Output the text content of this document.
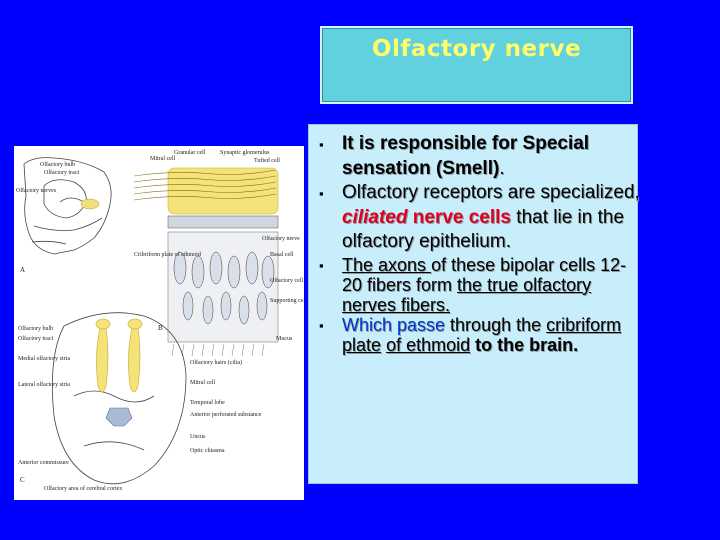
Olfactory nerve
▪ It is responsible for Special sensation (Smell).
▪ Olfactory receptors are specialized, ciliated nerve cells that lie in the olfactory epithelium.
▪ The axons of these bipolar cells 12-20 fibers form the true olfactory nerves fibers.
▪ Which passe through the cribriform plate of ethmoid to the brain.
Olfactory bulb
Olfactory tract
Olfactory nerves
A
Granular cell Synaptic glomerulus
Tufted cell
Mitral cell
Olfactory nerve
Cribriform plate of ethmoid	Basal cell
Olfactory cell
Supporting cell
Olfactory hairs (cilia)
Mucus
B
Olfactory bulb
Olfactory tract
Medial olfactory stria
Lateral olfactory stria	Mitral cell
Temporal lobe
Anterior perforated substance
Uncus
Optic chiasma
Anterior commissure
Olfactory area of cerebral cortex
C
